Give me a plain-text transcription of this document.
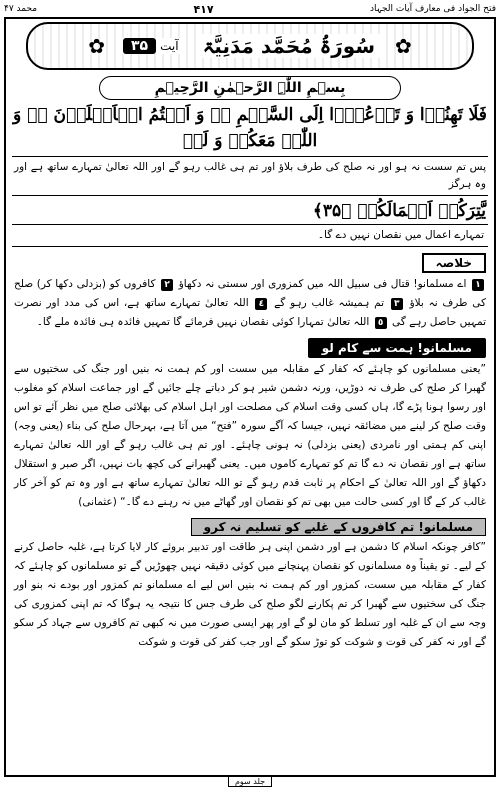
فتح الجواد فی معارف آیات الجہاد
۴۱۷
محمد ۴۷
✿
سُورَۃُ مُحَمَّد مَدَنِیَّۃ
آیت
۳۵
✿
بِسۡمِ اللّٰہِ الرَّحۡمٰنِ الرَّحِیۡمِ
فَلَا تَهِنُوۡا وَ تَدۡعُوۡۤا اِلَی السَّلۡمِ ٭ۖ وَ اَنۡتُمُ الۡاَعۡلَوۡنَ ٭ۖ وَ اللّٰہُ مَعَکُمۡ وَ لَنۡ
پس تم سست نہ ہو اور نہ صلح کی طرف بلاؤ اور تم ہی غالب رہو گے اور اللہ تعالیٰ تمہارے ساتھ ہے اور وہ ہرگز
یَّتِرَکُمۡ اَعۡمَالَکُمۡ ﴿۳۵﴾
تمہارے اعمال میں نقصان نہیں دے گا۔
خلاصہ
١ اے مسلمانو! قتال فی سبیل اللہ میں کمزوری اور سستی نہ دکھاؤ ٢ کافروں کو (بزدلی دکھا کر) صلح کی طرف نہ بلاؤ ٣ تم ہمیشہ غالب رہو گے ٤ اللہ تعالیٰ تمہارے ساتھ ہے، اس کی مدد اور نصرت تمہیں حاصل رہے گی ٥ اللہ تعالیٰ تمہارا کوئی نقصان نہیں فرمائے گا تمہیں فائدہ ہی فائدہ ملے گا۔
مسلمانو! ہمت سے کام لو
”یعنی مسلمانوں کو چاہئے کہ کفار کے مقابلہ میں سست اور کم ہمت نہ بنیں اور جنگ کی سختیوں سے گھبرا کر صلح کی طرف نہ دوڑیں، ورنہ دشمن شیر ہو کر دباتے چلے جائیں گے اور جماعت اسلام کو مغلوب اور رسوا ہونا پڑے گا، ہاں کسی وقت اسلام کی مصلحت اور اہل اسلام کی بھلائی صلح میں نظر آئے تو اس وقت صلح کر لینے میں مضائقہ نہیں، جیسا کہ آگے سورہ ”فتح“ میں آتا ہے، بہرحال صلح کی بناء (یعنی وجہ) اپنی کم ہمتی اور نامردی (یعنی بزدلی) نہ ہونی چاہئے۔ اور تم ہی غالب رہو گے اور اللہ تعالیٰ تمہارے ساتھ ہے اور نقصان نہ دے گا تم کو تمہارے کاموں میں۔ یعنی گھبرانے کی کچھ بات نہیں، اگر صبر و استقلال دکھاؤ گے اور اللہ تعالیٰ کے احکام پر ثابت قدم رہو گے تو اللہ تعالیٰ تمہارے ساتھ ہے اور وہ تم کو آخر کار غالب کر کے گا اور کسی حالت میں بھی تم کو نقصان اور گھاٹے میں نہ رہنے دے گا۔“ (عثمانی)
مسلمانو! تم کافروں کے غلبے کو تسلیم نہ کرو
”کافر چونکہ اسلام کا دشمن ہے اور دشمن اپنی ہر طاقت اور تدبیر بروئے کار لایا کرتا ہے، غلبہ حاصل کرنے کے لیے۔ تو یقیناً وہ مسلمانوں کو نقصان پہنچانے میں کوئی دقیقہ نہیں چھوڑیں گے تو مسلمانوں کو چاہئے کہ کفار کے مقابلہ میں سست، کمزور اور کم ہمت نہ بنیں اس لیے اے مسلمانو تم کمزور اور بودے نہ بنو اور جنگ کی سختیوں سے گھبرا کر تم پکارنے لگو صلح کی طرف جس کا نتیجہ یہ ہوگا کہ تم اپنی کمزوری کی وجہ سے ان کے غلبہ اور تسلط کو مان لو گے اور پھر ایسی صورت میں نہ کبھی تم کافروں سے جہاد کر سکو گے اور نہ کفر کی قوت و شوکت کو توڑ سکو گے اور جب کفر کی قوت و شوکت
جلد سوم
